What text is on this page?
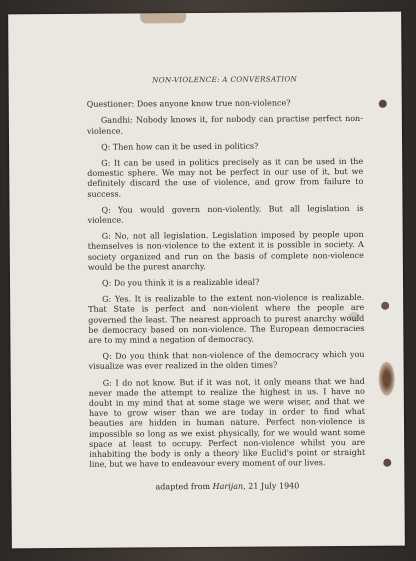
NON-VIOLENCE: A CONVERSATION

Questioner: Does anyone know true non-violence?

Gandhi: Nobody knows it, for nobody can practise perfect non-violence.

Q: Then how can it be used in politics?

G: It can be used in politics precisely as it can be used in the domestic sphere. We may not be perfect in our use of it, but we definitely discard the use of violence, and grow from failure to success.

Q: You would govern non-violently. But all legislation is violence.

G: No, not all legislation. Legislation imposed by people upon themselves is non-violence to the extent it is possible in society. A society organized and run on the basis of complete non-violence would be the purest anarchy.

Q: Do you think it is a realizable ideal?

G: Yes. It is realizable to the extent non-violence is realizable. That State is perfect and non-violent where the people are governed the least. The nearest approach to purest anarchy would be democracy based on non-violence. The European democracies are to my mind a negation of democracy.

Q: Do you think that non-violence of the democracy which you visualize was ever realized in the olden times?

G: I do not know. But if it was not, it only means that we had never made the attempt to realize the highest in us. I have no doubt in my mind that at some stage we were wiser, and that we have to grow wiser than we are today in order to find what beauties are hidden in human nature. Perfect non-violence is impossible so long as we exist physically, for we would want some space at least to occupy. Perfect non-violence whilst you are inhabiting the body is only a theory like Euclid's point or straight line, but we have to endeavour every moment of our lives.

adapted from Harijan, 21 July 1940
